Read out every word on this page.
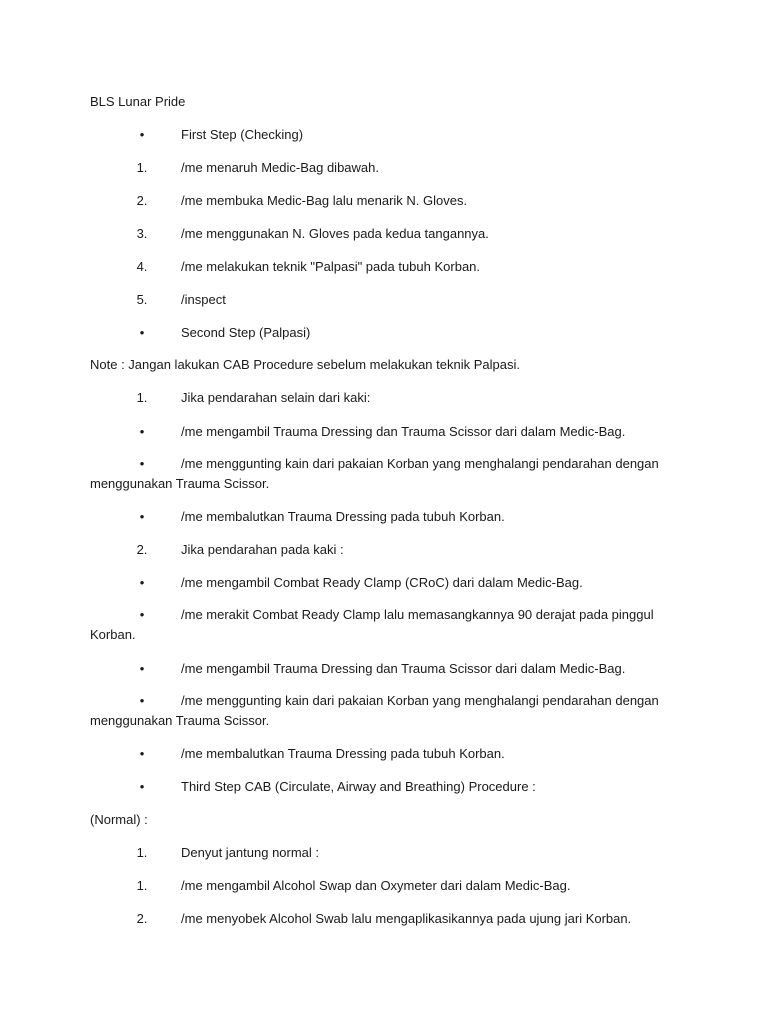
BLS Lunar Pride
•	First Step (Checking)
1.	/me menaruh Medic-Bag dibawah.
2.	/me membuka Medic-Bag lalu menarik N. Gloves.
3.	/me menggunakan N. Gloves pada kedua tangannya.
4.	/me melakukan teknik "Palpasi" pada tubuh Korban.
5.	/inspect
•	Second Step (Palpasi)
Note : Jangan lakukan CAB Procedure sebelum melakukan teknik Palpasi.
1.	Jika pendarahan selain dari kaki:
•	/me mengambil Trauma Dressing dan Trauma Scissor dari dalam Medic-Bag.
•	/me menggunting kain dari pakaian Korban yang menghalangi pendarahan dengan
menggunakan Trauma Scissor.
•	/me membalutkan Trauma Dressing pada tubuh Korban.
2.	Jika pendarahan pada kaki :
•	/me mengambil Combat Ready Clamp (CRoC) dari dalam Medic-Bag.
•	/me merakit Combat Ready Clamp lalu memasangkannya 90 derajat pada pinggul
Korban.
•	/me mengambil Trauma Dressing dan Trauma Scissor dari dalam Medic-Bag.
•	/me menggunting kain dari pakaian Korban yang menghalangi pendarahan dengan
menggunakan Trauma Scissor.
•	/me membalutkan Trauma Dressing pada tubuh Korban.
•	Third Step CAB (Circulate, Airway and Breathing) Procedure :
(Normal) :
1.	Denyut jantung normal :
1.	/me mengambil Alcohol Swap dan Oxymeter dari dalam Medic-Bag.
2.	/me menyobek Alcohol Swab lalu mengaplikasikannya pada ujung jari Korban.
